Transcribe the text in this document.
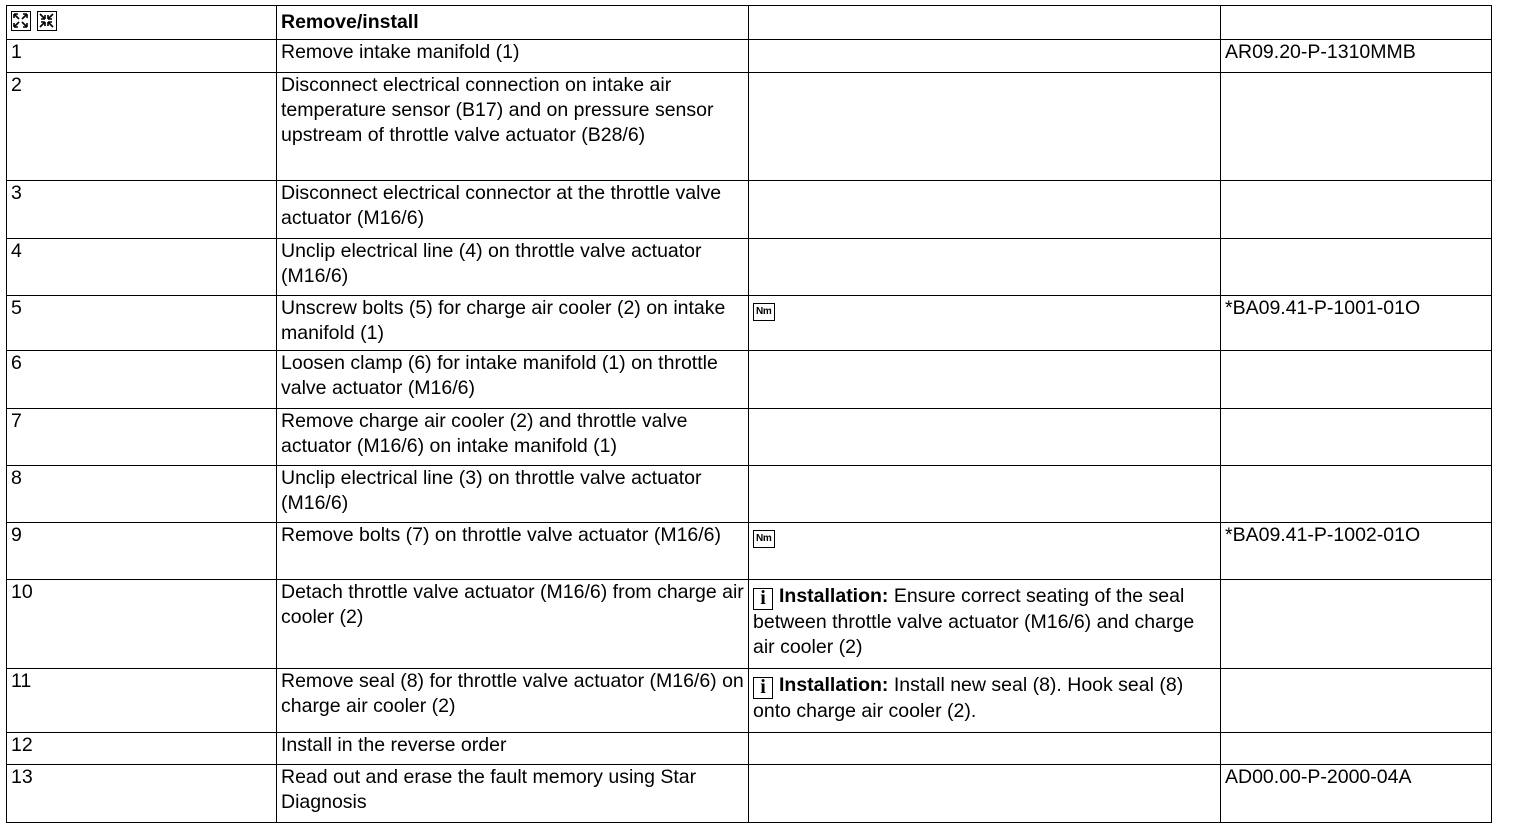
	Remove/install		
1	Remove intake manifold (1)		AR09.20-P-1310MMB
2	Disconnect electrical connection on intake air temperature sensor (B17) and on pressure sensor upstream of throttle valve actuator (B28/6)		
3	Disconnect electrical connector at the throttle valve actuator (M16/6)		
4	Unclip electrical line (4) on throttle valve actuator (M16/6)		
5	Unscrew bolts (5) for charge air cooler (2) on intake manifold (1)	Nm	*BA09.41-P-1001-01O
6	Loosen clamp (6) for intake manifold (1) on throttle valve actuator (M16/6)		
7	Remove charge air cooler (2) and throttle valve actuator (M16/6) on intake manifold (1)		
8	Unclip electrical line (3) on throttle valve actuator (M16/6)		
9	Remove bolts (7) on throttle valve actuator (M16/6)	Nm	*BA09.41-P-1002-01O
10	Detach throttle valve actuator (M16/6) from charge air cooler (2)	i Installation: Ensure correct seating of the seal between throttle valve actuator (M16/6) and charge air cooler (2)	

11	Remove seal (8) for throttle valve actuator (M16/6) on charge air cooler (2)	i Installation: Install new seal (8). Hook seal (8) onto charge air cooler (2).	

12	Install in the reverse order		
13	Read out and erase the fault memory using Star Diagnosis		AD00.00-P-2000-04A
